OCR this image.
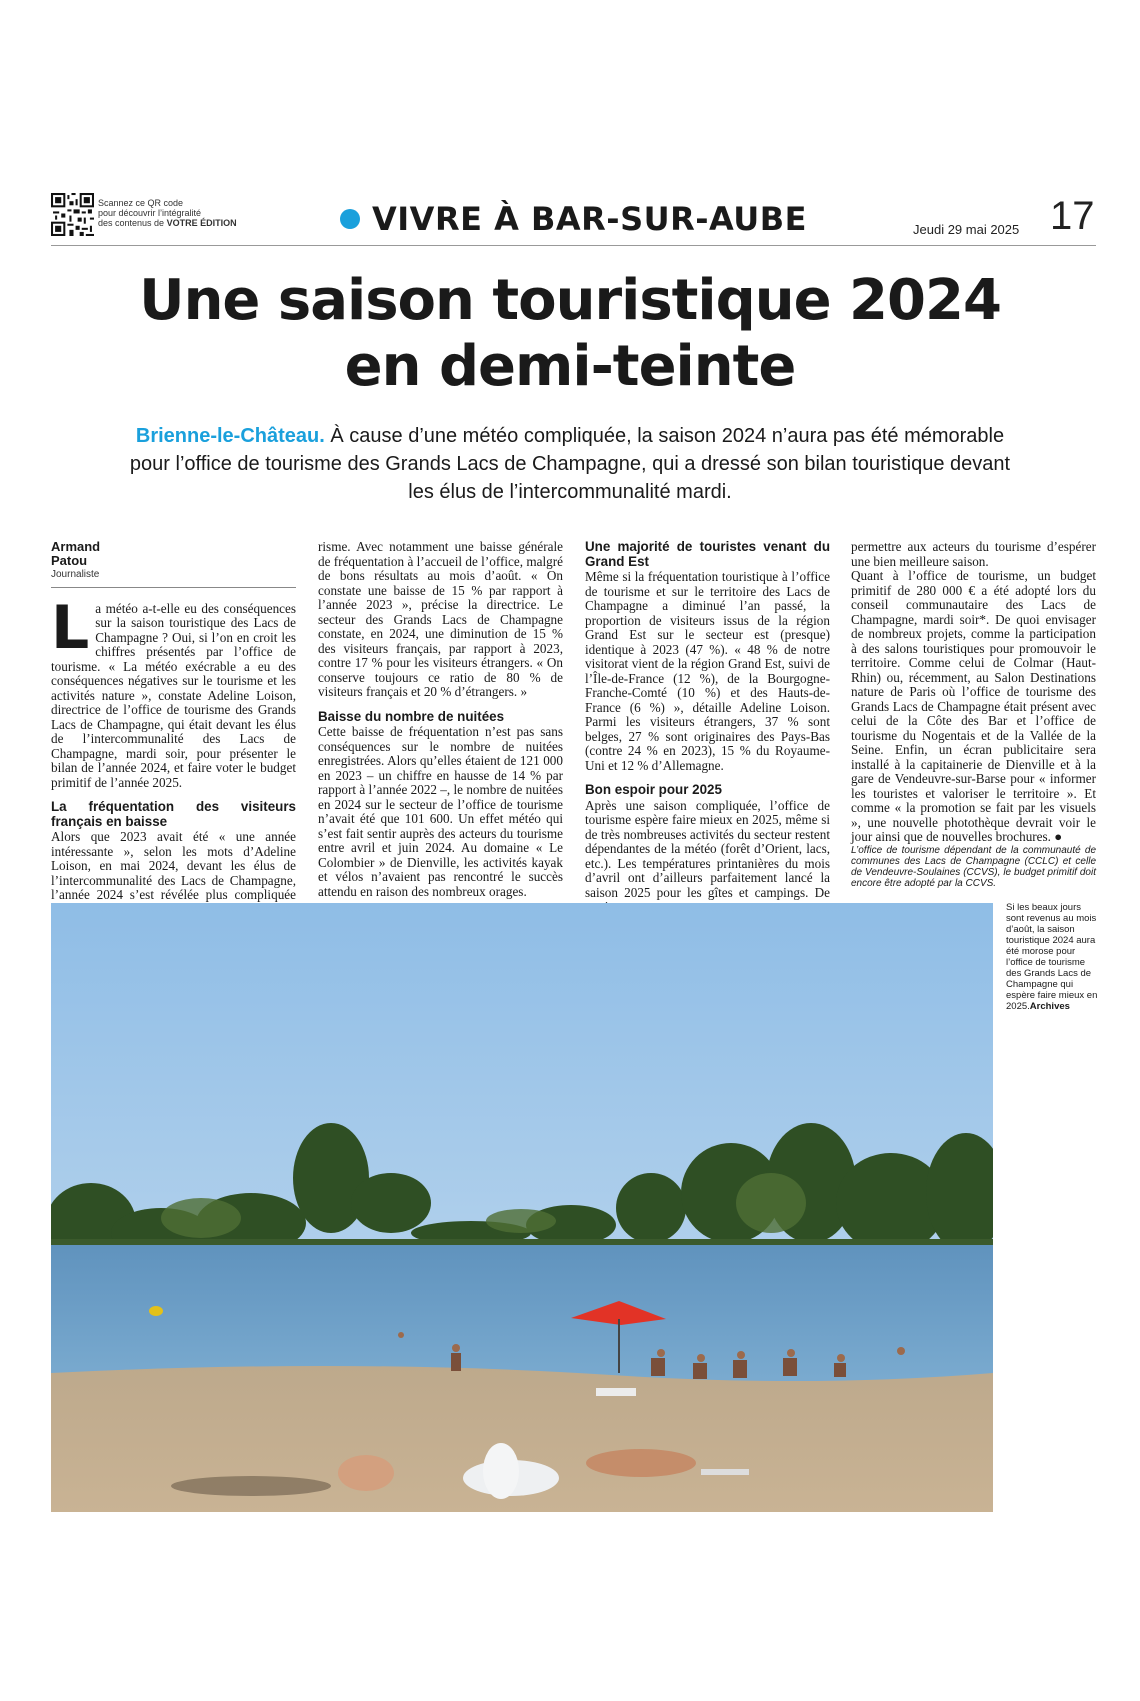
Scannez ce QR code
pour découvrir l’intégralité
des contenus de VOTRE ÉDITION	VIVRE À BAR-SUR-AUBE	Jeudi 29 mai 2025 17
Une saison touristique 2024
en demi-teinte
Brienne-le-Château. À cause d’une météo compliquée, la saison 2024 n’aura pas été mémorable pour l’office de tourisme des Grands Lacs de Champagne, qui a dressé son bilan touristique devant les élus de l’intercommunalité mardi.
Armand
Patou
Journaliste

La météo a-t-elle eu des conséquences sur la saison touristique des Lacs de Champagne ? Oui, si l’on en croit les chiffres présentés par l’office de tourisme. « La météo exécrable a eu des conséquences négatives sur le tourisme et les activités nature », constate Adeline Loison, directrice de l’office de tourisme des Grands Lacs de Champagne, qui était devant les élus de l’intercommunalité des Lacs de Champagne, mardi soir, pour présenter le bilan de l’année 2024, et faire voter le budget primitif de l’année 2025.

La fréquentation des visiteurs français en baisse

Alors que 2023 avait été « une année intéressante », selon les mots d’Adeline Loison, en mai 2024, devant les élus de l’intercommunalité des Lacs de Champagne, l’année 2024 s’est révélée plus compliquée

risme. Avec notamment une baisse générale de fréquentation à l’accueil de l’office, malgré de bons résultats au mois d’août. « On constate une baisse de 15 % par rapport à l’année 2023 », précise la directrice. Le secteur des Grands Lacs de Champagne constate, en 2024, une diminution de 15 % des visiteurs français, par rapport à 2023, contre 17 % pour les visiteurs étrangers. « On conserve toujours ce ratio de 80 % de visiteurs français et 20 % d’étrangers. »

Baisse du nombre de nuitées

Cette baisse de fréquentation n’est pas sans conséquences sur le nombre de nuitées enregistrées. Alors qu’elles étaient de 121 000 en 2023 – un chiffre en hausse de 14 % par rapport à l’année 2022 –, le nombre de nuitées en 2024 sur le secteur de l’office de tourisme n’avait été que 101 600. Un effet météo qui s’est fait sentir auprès des acteurs du tourisme entre avril et juin 2024. Au domaine « Le Colombier » de Dienville, les activités kayak et vélos n’avaient pas rencontré le succès attendu en raison des nombreux orages.

Une majorité de touristes venant du Grand Est

Même si la fréquentation touristique à l’office de tourisme et sur le territoire des Lacs de Champagne a diminué l’an passé, la proportion de visiteurs issus de la région Grand Est sur le secteur est (presque) identique à 2023 (47 %). « 48 % de notre visitorat vient de la région Grand Est, suivi de l’Île-de-France (12 %), de la Bourgogne-Franche-Comté (10 %) et des Hauts-de-France (6 %) », détaille Adeline Loison. Parmi les visiteurs étrangers, 37 % sont belges, 27 % sont originaires des Pays-Bas (contre 24 % en 2023), 15 % du Royaume-Uni et 12 % d’Allemagne.

Bon espoir pour 2025

Après une saison compliquée, l’office de tourisme espère faire mieux en 2025, même si de très nombreuses activités du secteur restent dépendantes de la météo (forêt d’Orient, lacs, etc.). Les températures printanières du mois d’avril ont d’ailleurs parfaitement lancé la saison 2025 pour les gîtes et campings. De

permettre aux acteurs du tourisme d’espérer une bien meilleure saison.

Quant à l’office de tourisme, un budget primitif de 280 000 € a été adopté lors du conseil communautaire des Lacs de Champagne, mardi soir*. De quoi envisager de nombreux projets, comme la participation à des salons touristiques pour promouvoir le territoire. Comme celui de Colmar (Haut-Rhin) ou, récemment, au Salon Destinations nature de Paris où l’office de tourisme des Grands Lacs de Champagne était présent avec celui de la Côte des Bar et l’office de tourisme du Nogentais et de la Vallée de la Seine. Enfin, un écran publicitaire sera installé à la capitainerie de Dienville et à la gare de Vendeuvre-sur-Barse pour « informer les touristes et valoriser le territoire ». Et comme « la promotion se fait par les visuels », une nouvelle photothèque devrait voir le jour ainsi que de nouvelles brochures. ●

L’office de tourisme dépendant de la communauté de communes des Lacs de Champagne (CCLC) et celle de Vendeuvre-Soulaines (CCVS), le budget primitif doit encore être adopté par la CCVS.

Si les beaux jours sont revenus au mois d’août, la saison touristique 2024 aura été morose pour l’office de tourisme des Grands Lacs de Champagne qui espère faire mieux en 2025.Archives
